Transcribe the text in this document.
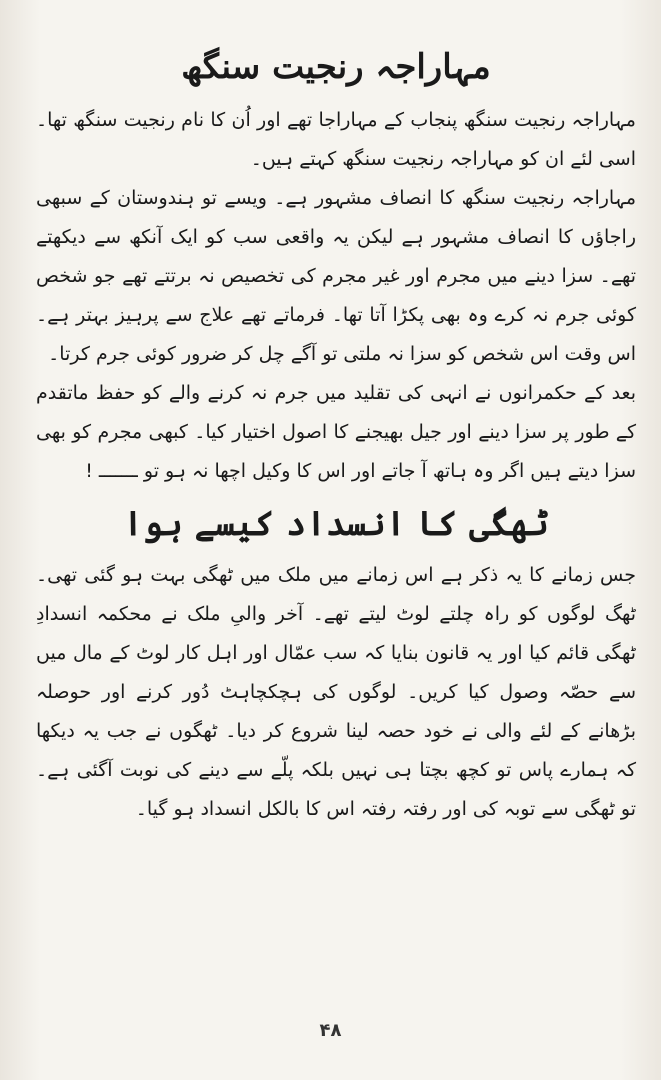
مہاراجہ رنجیت سنگھ

مہاراجہ رنجیت سنگھ پنجاب کے مہاراجا تھے اور اُن کا نام رنجیت سنگھ تھا۔ اسی لئے ان کو مہاراجہ رنجیت سنگھ کہتے ہیں۔

مہاراجہ رنجیت سنگھ کا انصاف مشہور ہے۔ ویسے تو ہندوستان کے سبھی راجاؤں کا انصاف مشہور ہے لیکن یہ واقعی سب کو ایک آنکھ سے دیکھتے تھے۔ سزا دینے میں مجرم اور غیر مجرم کی تخصیص نہ برتتے تھے جو شخص کوئی جرم نہ کرے وہ بھی پکڑا آتا تھا۔ فرماتے تھے علاج سے پرہیز بہتر ہے۔ اس وقت اس شخص کو سزا نہ ملتی تو آگے چل کر ضرور کوئی جرم کرتا۔

بعد کے حکمرانوں نے انہی کی تقلید میں جرم نہ کرنے والے کو حفظ ماتقدم کے طور پر سزا دینے اور جیل بھیجنے کا اصول اختیار کیا۔ کبھی مجرم کو بھی سزا دیتے ہیں اگر وہ ہاتھ آ جاتے اور اس کا وکیل اچھا نہ ہو تو ـــــــ !

ٹھگی کا انسداد کیسے ہوا

جس زمانے کا یہ ذکر ہے اس زمانے میں ملک میں ٹھگی بہت ہو گئی تھی۔ ٹھگ لوگوں کو راہ چلتے لوٹ لیتے تھے۔ آخر والیِ ملک نے محکمہ انسدادِ ٹھگی قائم کیا اور یہ قانون بنایا کہ سب عمّال اور اہل کار لوٹ کے مال میں سے حصّہ وصول کیا کریں۔ لوگوں کی ہچکچاہٹ دُور کرنے اور حوصلہ بڑھانے کے لئے والی نے خود حصہ لینا شروع کر دیا۔ ٹھگوں نے جب یہ دیکھا کہ ہمارے پاس تو کچھ بچتا ہی نہیں بلکہ پلّے سے دینے کی نوبت آگئی ہے۔ تو ٹھگی سے توبہ کی اور رفتہ رفتہ اس کا بالکل انسداد ہو گیا۔

۴۸
